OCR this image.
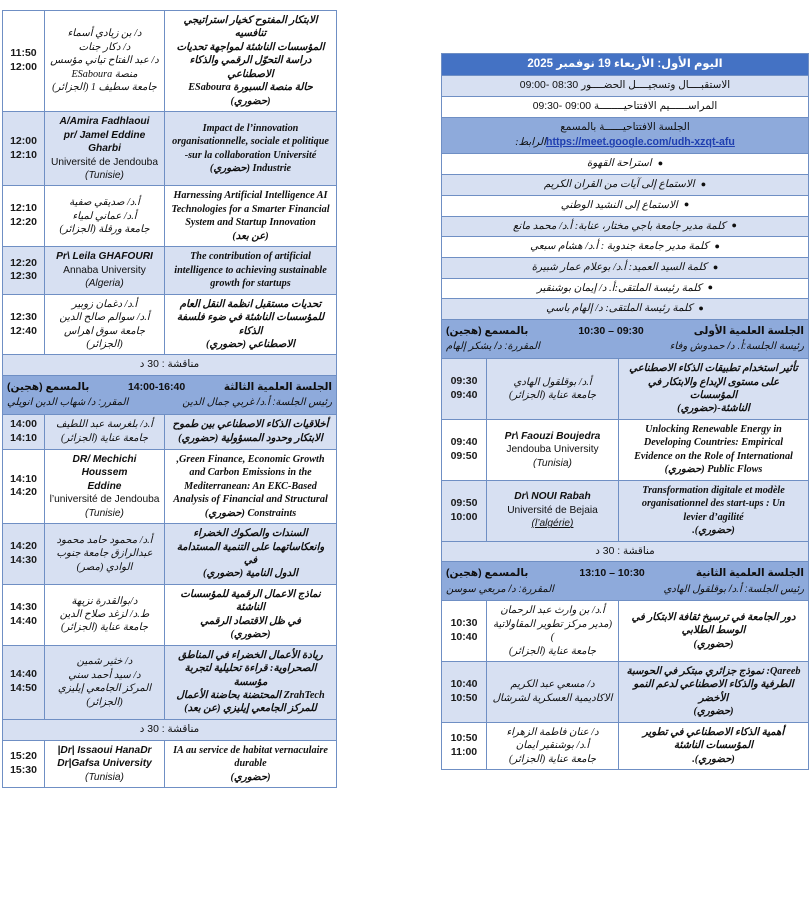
الابتكار المفتوح كخيار استراتيجي تنافسيه
المؤسسات الناشئة لمواجهة تحديات
دراسة التحوّل الرقمي والذكاء الاصطناعي
حالة منصة السبورة ESaboura
(حضوري)	د/ بن زيادي أسماء
د/ دكار جنات
د/ عبد الفتاح تياني مؤسس
منصة ESaboura
جامعة سطيف 1 (الجزائر)	11:50
12:00

Impact de l’innovation
organisationnelle, sociale et politique
sur la collaboration Université-
Industrie (حضوري)	A/Amira Fadhlaoui
pr/ Jamel Eddine Gharbi
Université de Jendouba
(Tunisie)	12:00
12:10

Harnessing Artificial Intelligence AI
Technologies for a Smarter Financial
System and Startup Innovation
(عن بعد)	أ.د/ صديقي صفية
أ.د/ عماني لمياء
جامعة ورقلة (الجزائر)	12:10
12:20

The contribution of artificial
intelligence to achieving sustainable
growth for startups	Pr\ Leila GHAFOURI
Annaba University
(Algeria)	12:20
12:30

تحديات مستقبل انظمة النقل العام
للمؤسسات الناشئة في ضوء فلسفة الذكاء
الاصطناعي (حضوري)	أ.د/ دغمان زوبير
أ.د/ سوالم صالح الدين
جامعة سوق اهراس (الجزائر)	12:30
12:40

مناقشة : 30 د		

الجلسة العلمية الثالثة
14:00-16:40
بالمسمع (هجين)
رئيس الجلسة: أ.د/ غربي جمال الدين
المقرر: د/ شهاب الدين انويلي		

أخلاقيات الذكاء الاصطناعي بين طموح
الابتكار وحدود المسؤولية (حضوري)	أ.د/ بلغرسة عبد اللطيف
جامعة عناية (الجزائر)	14:00
14:10

Green Finance, Economic Growth,
and Carbon Emissions in the
Mediterranean: An EKC-Based
Analysis of Financial and Structural
Constraints (حضوري)	DR/ Mechichi Houssem
Eddine
l’université de Jendouba
(Tunisie)	14:10
14:20

السندات والصكوك الخضراء
وانعكاساتهما على التنمية المستدامة في
الدول النامية (حضوري)	أ.د/ محمود حامد محمود
عبدالرازق جامعة جنوب
الوادي (مصر)	14:20
14:30

نماذج الاعمال الرقمية للمؤسسات الناشئة
في ظل الاقتصاد الرقمي
(حضوري)	د/بوالقدرة نزيهة
ط.د/ لزغد صلاح الدين
جامعة عناية (الجزائر)	14:30
14:40

ريادة الأعمال الخضراء في المناطق
الصحراوية: قراءة تحليلية لتجربة مؤسسة
ZrahTech المحتضنة بحاضنة الأعمال
للمركز الجامعي إيليزي (عن بعد)	د/ خثير شمين
د/ سيد أحمد سني
المركز الجامعي إيليزي
(الجزائر)	14:40
14:50

مناقشة : 30 د		

IA au service de habitat vernaculaire
durable
(حضوري)	Dr| Issaoui HanaDr|
Dr|Gafsa University
(Tunisia)	15:20
15:30
اليوم الأول: الأربعاء 19 نوفمبر 2025		
الاستقبــــال وتسجيــــل الحضــــور 08:30 -09:00		
المراســــــيم الافتتاحيــــــــة 09:00 -09:30		

الجلسة الافتتاحيــــــة بالمسمع
https://meet.google.com/udh-xzqt-afuالرابط:		
●استراحة القهوة		
●الاستماع إلى آيات من القران الكريم		
●الاستماع إلى النشيد الوطني		
●كلمة مدير جامعة باجي مختار، عنابة: أ.د/ محمد مانع		
●كلمة مدير جامعة جندوبة : أ.د/ هشام سبعي		
●كلمة السيد العميد: أ.د/ بوعلام عمار شبيرة		
●كلمة رئيسة الملتقى:أ. د/ إيمان بوشنقير		
●كلمة رئيسة الملتقى: د/ إلهام باسي		

الجلسة العلمية الأولى
09:30 – 10:30
بالمسمع (هجين)
رئيسة الجلسة:أ. د/ حمدوش وفاء
المقررة: د/ يشكر إلهام		

تأثير استخدام تطبيقات الذكاء الاصطناعي
على مستوى الإبداع والابتكار في المؤسسات
الناشئة-(حضوري)	أ.د/ بوقلقول الهادي
جامعة عناية (الجزائر)	09:30
09:40

Unlocking Renewable Energy in
Developing Countries: Empirical
Evidence on the Role of International
Public Flows (حضوري)	Pr\ Faouzi Boujedra
Jendouba University
(Tunisia)	09:40
09:50

Transformation digitale et modèle
organisationnel des start-ups : Un
levier d’agilité
(حضوري).	Dr\ NOUI Rabah
Université de Bejaia
(l’algérie)	09:50
10:00

مناقشة : 30 د		

الجلسة العلمية الثانية
10:30 – 13:10
بالمسمع (هجين)
رئيس الجلسة: أ.د/ بوقلقول الهادي
المقررة: د/ مربعي سوسن		

دور الجامعة في ترسيخ ثقافة الابتكار في
الوسط الطلابي
(حضوري)	أ.د/ بن وارث عبد الرحمان
(مدير مركز تطوير المقاولاتية )
جامعة عناية (الجزائر)	10:30
10:40

Qareeb: نموذج جزائري مبتكر في الحوسبة
الطرفية والذكاء الاصطناعي لدعم النمو
الأخضر
(حضوري)	د/ مسعي عبد الكريم
الاكاديمية العسكرية لشرشال	10:40
10:50

أهمية الذكاء الاصطناعي في تطوير
المؤسسات الناشئة
(حضوري).	د/ عنان فاطمة الزهراء
أ.د/ بوشنقير ايمان
جامعة عناية (الجزائر)	10:50
11:00
